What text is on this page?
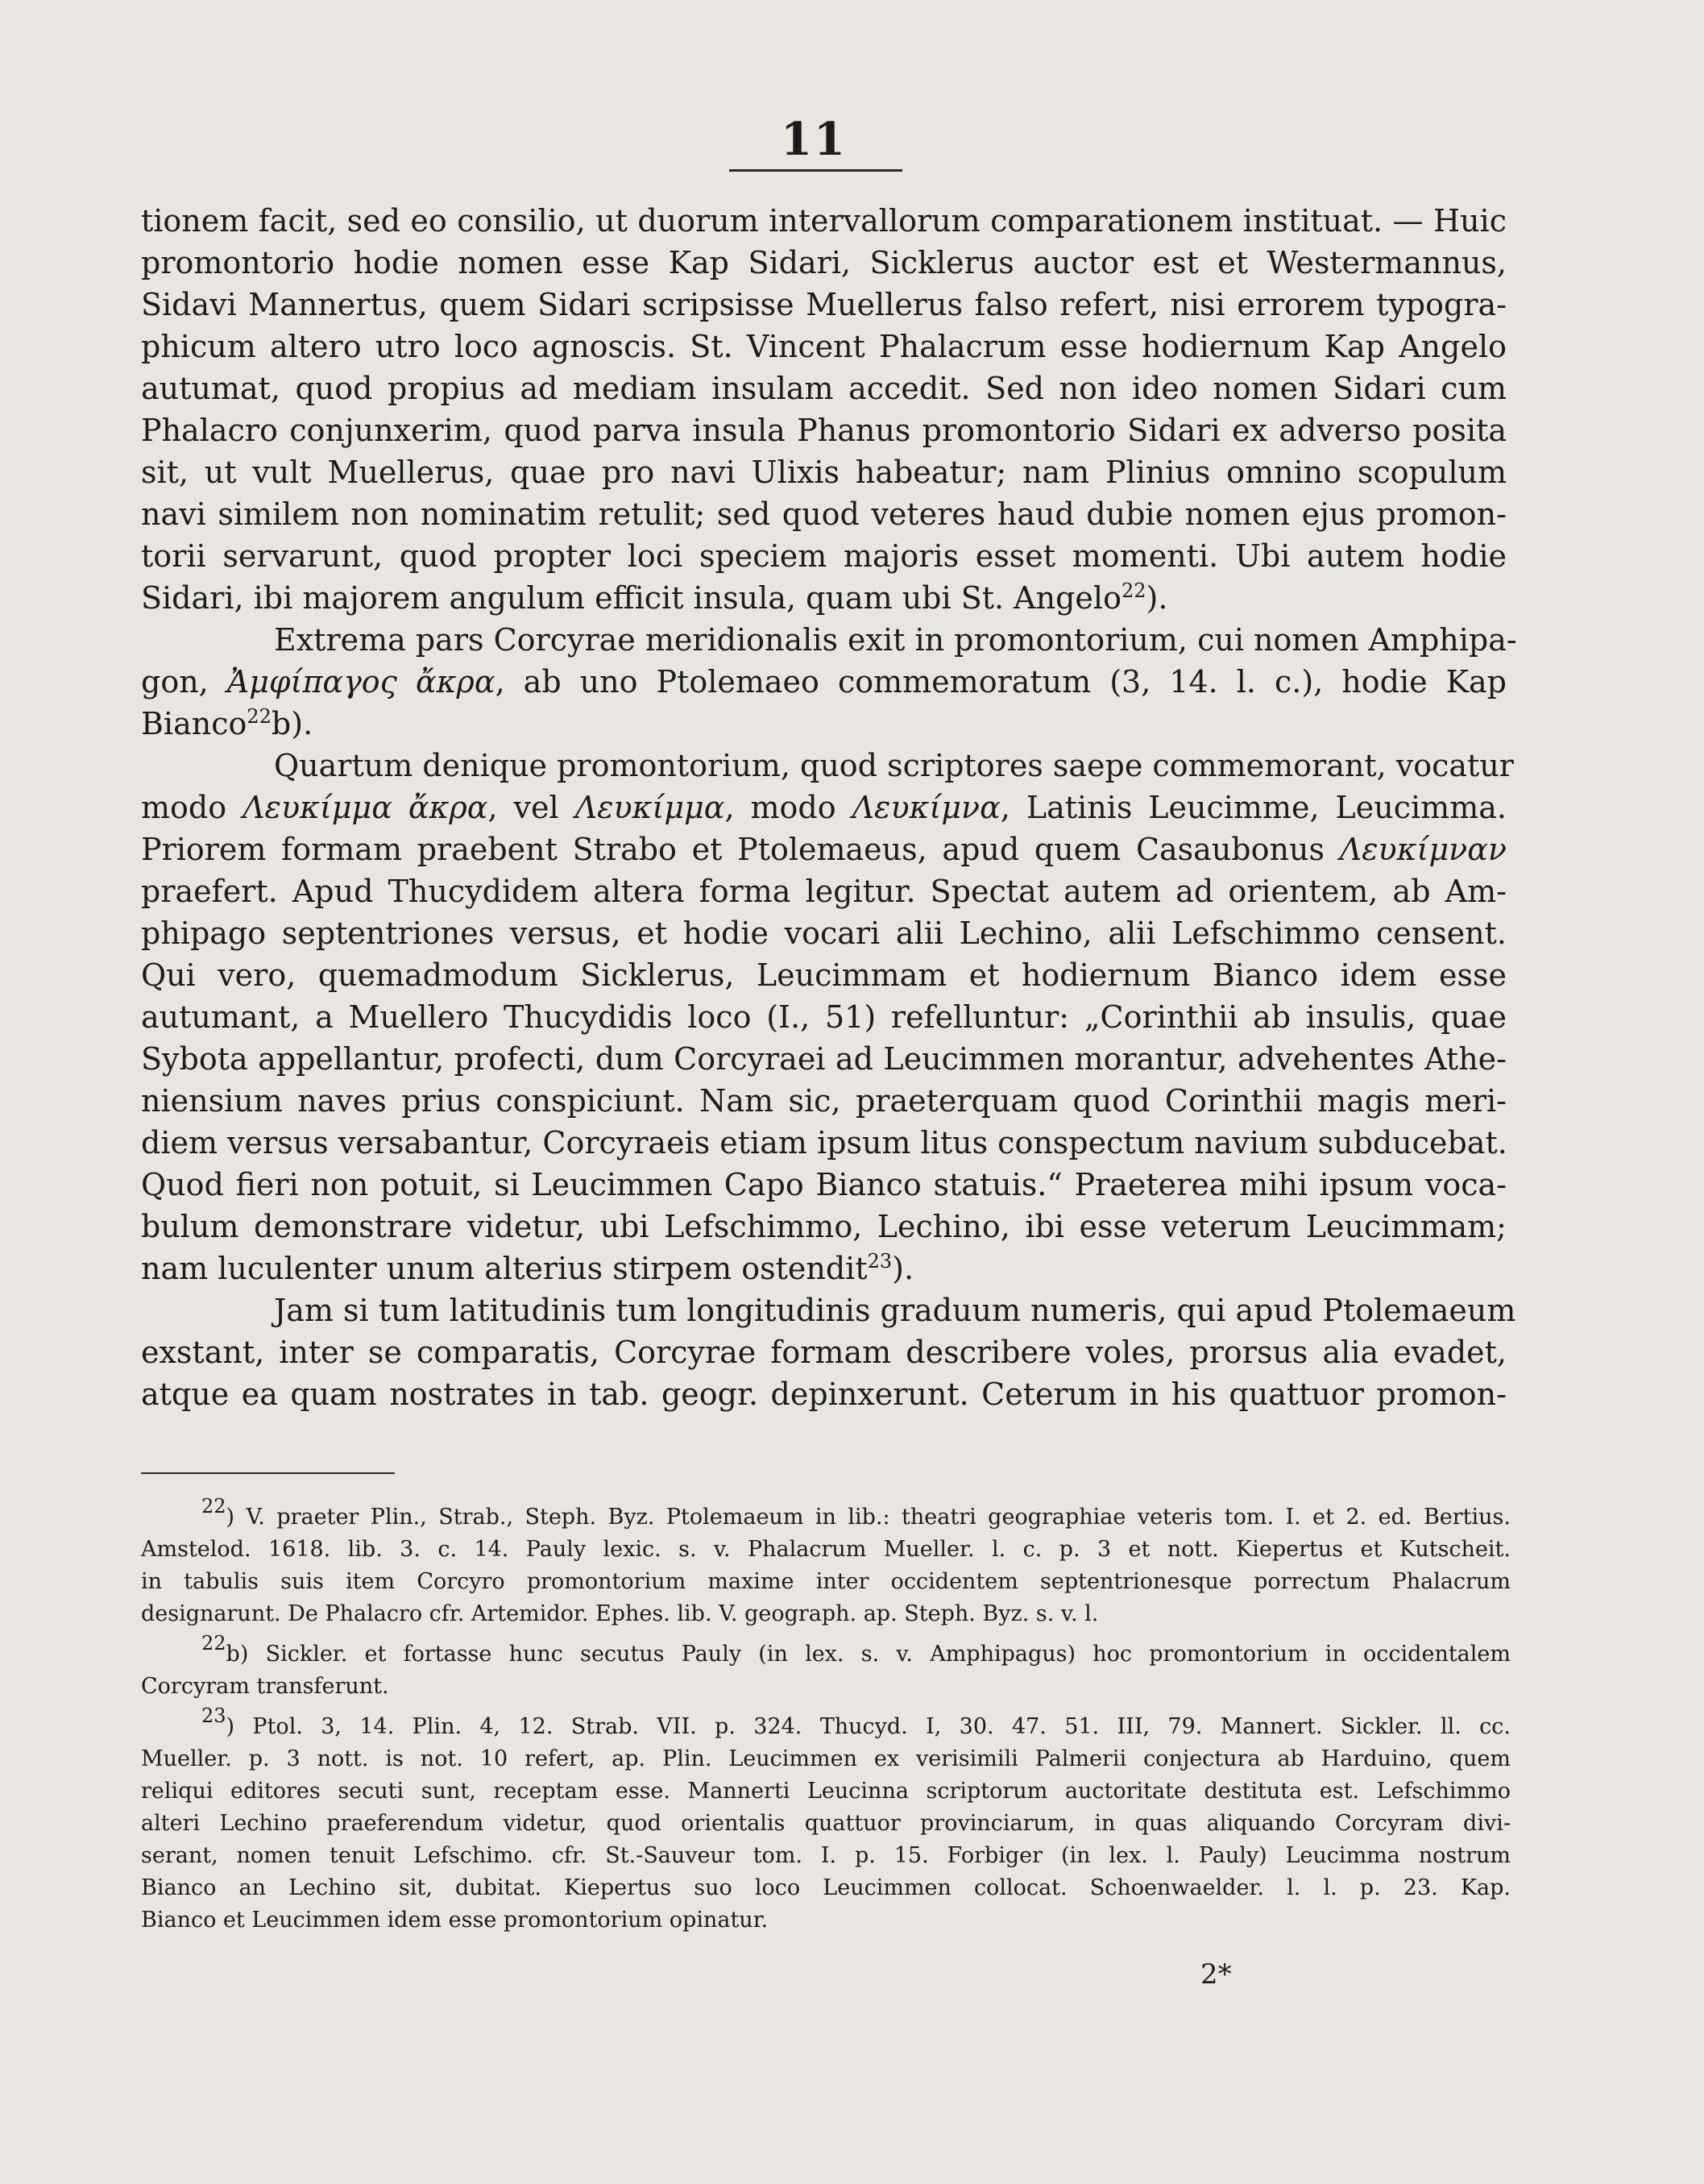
11

tionem facit, sed eo consilio, ut duorum intervallorum comparationem instituat. — Huic
promontorio hodie nomen esse Kap Sidari, Sicklerus auctor est et Westermannus,
Sidavi Mannertus, quem Sidari scripsisse Muellerus falso refert, nisi errorem typogra-
phicum altero utro loco agnoscis. St. Vincent Phalacrum esse hodiernum Kap Angelo
autumat, quod propius ad mediam insulam accedit. Sed non ideo nomen Sidari cum
Phalacro conjunxerim, quod parva insula Phanus promontorio Sidari ex adverso posita
sit, ut vult Muellerus, quae pro navi Ulixis habeatur; nam Plinius omnino scopulum
navi similem non nominatim retulit; sed quod veteres haud dubie nomen ejus promon-
torii servarunt, quod propter loci speciem majoris esset momenti. Ubi autem hodie
Sidari, ibi majorem angulum efficit insula, quam ubi St. Angelo$^{22}$).

Extrema pars Corcyrae meridionalis exit in promontorium, cui nomen Amphipa-
gon, Ἀμφίπαγος ἄκρα, ab uno Ptolemaeo commemoratum (3, 14. l. c.), hodie Kap
Bianco$^{22}$b).

Quartum denique promontorium, quod scriptores saepe commemorant, vocatur
modo Λευκίμμα ἄκρα, vel Λευκίμμα, modo Λευκίμνα, Latinis Leucimme, Leucimma.
Priorem formam praebent Strabo et Ptolemaeus, apud quem Casaubonus Λευκίμναν
praefert. Apud Thucydidem altera forma legitur. Spectat autem ad orientem, ab Am-
phipago septentriones versus, et hodie vocari alii Lechino, alii Lefschimmo censent.
Qui vero, quemadmodum Sicklerus, Leucimmam et hodiernum Bianco idem esse
autumant, a Muellero Thucydidis loco (I., 51) refelluntur: „Corinthii ab insulis, quae
Sybota appellantur, profecti, dum Corcyraei ad Leucimmen morantur, advehentes Athe-
niensium naves prius conspiciunt. Nam sic, praeterquam quod Corinthii magis meri-
diem versus versabantur, Corcyraeis etiam ipsum litus conspectum navium subducebat.
Quod fieri non potuit, si Leucimmen Capo Bianco statuis.“ Praeterea mihi ipsum voca-
bulum demonstrare videtur, ubi Lefschimmo, Lechino, ibi esse veterum Leucimmam;
nam luculenter unum alterius stirpem ostendit$^{23}$).

Jam si tum latitudinis tum longitudinis graduum numeris, qui apud Ptolemaeum
exstant, inter se comparatis, Corcyrae formam describere voles, prorsus alia evadet,
atque ea quam nostrates in tab. geogr. depinxerunt. Ceterum in his quattuor promon-

$^{22}$) V. praeter Plin., Strab., Steph. Byz. Ptolemaeum in lib.: theatri geographiae veteris tom. I. et 2. ed. Bertius.
Amstelod. 1618. lib. 3. c. 14. Pauly lexic. s. v. Phalacrum Mueller. l. c. p. 3 et nott. Kiepertus et Kutscheit.
in tabulis suis item Corcyro promontorium maxime inter occidentem septentrionesque porrectum Phalacrum
designarunt. De Phalacro cfr. Artemidor. Ephes. lib. V. geograph. ap. Steph. Byz. s. v. l.

$^{22}$b) Sickler. et fortasse hunc secutus Pauly (in lex. s. v. Amphipagus) hoc promontorium in occidentalem
Corcyram transferunt.

$^{23}$) Ptol. 3, 14. Plin. 4, 12. Strab. VII. p. 324. Thucyd. I, 30. 47. 51. III, 79. Mannert. Sickler. ll. cc.
Mueller. p. 3 nott. is not. 10 refert, ap. Plin. Leucimmen ex verisimili Palmerii conjectura ab Harduino, quem
reliqui editores secuti sunt, receptam esse. Mannerti Leucinna scriptorum auctoritate destituta est. Lefschimmo
alteri Lechino praeferendum videtur, quod orientalis quattuor provinciarum, in quas aliquando Corcyram divi-
serant, nomen tenuit Lefschimo. cfr. St.-Sauveur tom. I. p. 15. Forbiger (in lex. l. Pauly) Leucimma nostrum
Bianco an Lechino sit, dubitat. Kiepertus suo loco Leucimmen collocat. Schoenwaelder. l. l. p. 23. Kap.
Bianco et Leucimmen idem esse promontorium opinatur.

2*
